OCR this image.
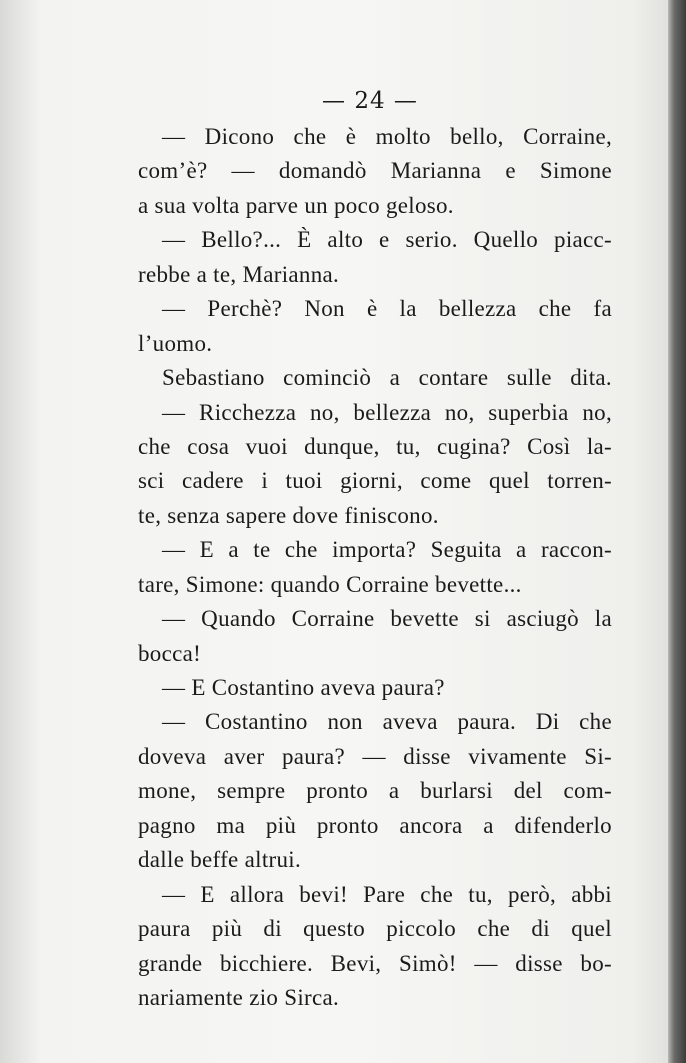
— 24 —
— Dicono che è molto bello, Corraine,
com’è? — domandò Marianna e Simone
a sua volta parve un poco geloso.
— Bello?... È alto e serio. Quello piacc-
rebbe a te, Marianna.
— Perchè? Non è la bellezza che fa
l’uomo.
Sebastiano cominciò a contare sulle dita.
— Ricchezza no, bellezza no, superbia no,
che cosa vuoi dunque, tu, cugina? Così la-
sci cadere i tuoi giorni, come quel torren-
te, senza sapere dove finiscono.
— E a te che importa? Seguita a raccon-
tare, Simone: quando Corraine bevette...
— Quando Corraine bevette si asciugò la
bocca!
— E Costantino aveva paura?
— Costantino non aveva paura. Di che
doveva aver paura? — disse vivamente Si-
mone, sempre pronto a burlarsi del com-
pagno ma più pronto ancora a difenderlo
dalle beffe altrui.
— E allora bevi! Pare che tu, però, abbi
paura più di questo piccolo che di quel
grande bicchiere. Bevi, Simò! — disse bo-
nariamente zio Sirca.
